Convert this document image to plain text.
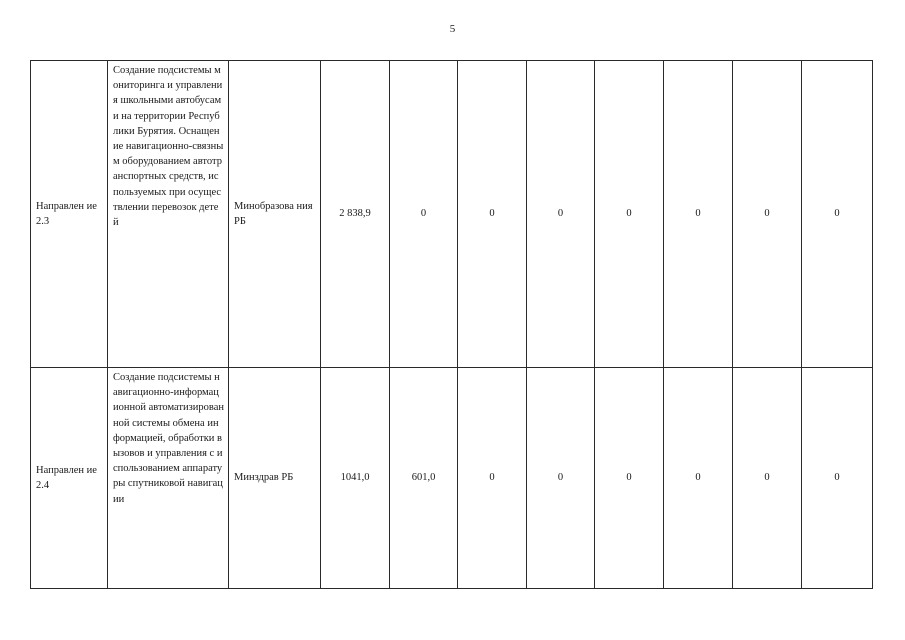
5
Направлен ие 2.3	Создание подсистемы мониторинга и управления школьными автобусами на территории Республики Бурятия. Оснащение навигационно-связным оборудованием автотранспортных средств, используемых при осуществлении перевозок детей	Минобразова ния РБ	2 838,9	0	0	0	0	0	0	0
Направлен ие 2.4	Создание подсистемы навигационно-информационной автоматизированной системы обмена информацией, обработки вызовов и управления с использованием аппаратуры спутниковой навигации	Минздрав РБ	1041,0	601,0	0	0	0	0	0	0
